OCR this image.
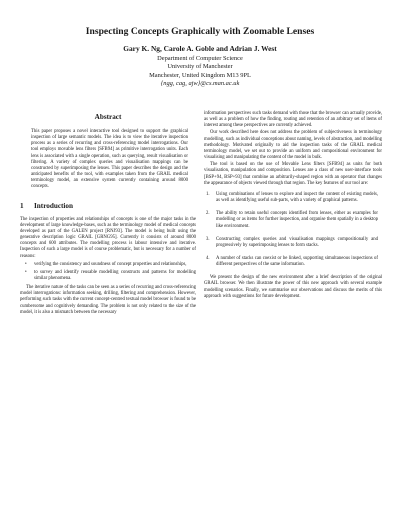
Inspecting Concepts Graphically with Zoomable Lenses
Gary K. Ng, Carole A. Goble and Adrian J. West
Department of Computer Science
University of Manchester
Manchester, United Kingdom M13 9PL
{ngg, cag, ajw}@cs.man.ac.uk
Abstract

This paper proposes a novel interactive tool designed to support the graphical inspection of large semantic models. The idea is to view the iterative inspection process as a series of recurring and cross-referencing model interrogations. Our tool employs movable lens filters [SFB94] as primitive interrogation units. Each lens is associated with a single operation, such as querying, result visualisation or filtering. A variety of complex queries and visualisation mappings can be constructed by superimposing the lenses. This paper describes the design and the anticipated benefits of the tool, with examples taken from the GRAIL medical terminology model, an extensive system currently containing around 8000 concepts.

1 Introduction

The inspection of properties and relationships of concepts is one of the major tasks in the development of large knowledge-bases, such as the terminology model of medical concepts developed as part of the GALEN project [RNJ93]. The model is being built using the generative description logic GRAIL [GRNG95]. Currently it consists of around 8000 concepts and 600 attributes. The modelling process is labour intensive and iterative. Inspection of such a large model is of course problematic, but is necessary for a number of reasons:

• verifying the consistency and soundness of concept properties and relationships,
• to survey and identify reusable modelling constructs and patterns for modelling similar phenomena.

The iterative nature of the tasks can be seen as a series of recurring and cross-referencing model interrogations: information seeking, drilling, filtering and comprehension. However, performing such tasks with the current concept-centred textual model browser is found to be cumbersome and cognitively demanding. The problem is not only related to the size of the model, it is also a mismatch between the necessary

information perspectives such tasks demand with those that the browser can actually provide, as well as a problem of how the finding, routing and retention of an arbitrary set of items of interest among these perspectives are currently achieved.

Our work described here does not address the problem of subjectiveness in terminology modelling, such as individual conceptions about naming, levels of abstraction, and modelling methodology. Motivated originally to aid the inspection tasks of the GRAIL medical terminology model, we set out to provide an uniform and compositional environment for visualising and manipulating the content of the model in bulk.

The tool is based on the use of Movable Lens filters [SFB94] as units for both visualisation, manipulation and composition. Lenses are a class of new user-interface tools [BSP+94, BSP+93] that combine an arbitrarily-shaped region with an operator that changes the appearance of objects viewed through that region. The key features of our tool are:

1. Using combinations of lenses to explore and inspect the content of existing models, as well as identifying useful sub-parts, with a variety of graphical patterns.
2. The ability to retain useful concepts identified from lenses, either as examples for modelling or as items for further inspection, and organise them spatially in a desktop like environment.
3. Constructing complex queries and visualisation mappings compositionally and progressively by superimposing lenses to form stacks.
4. A number of stacks can coexist or be linked, supporting simultaneous inspections of different perspectives of the same information.

We present the design of the new environment after a brief description of the original GRAIL browser. We then illustrate the power of this new approach with several example modelling scenarios. Finally, we summarise our observations and discuss the merits of this approach with suggestions for future development.
